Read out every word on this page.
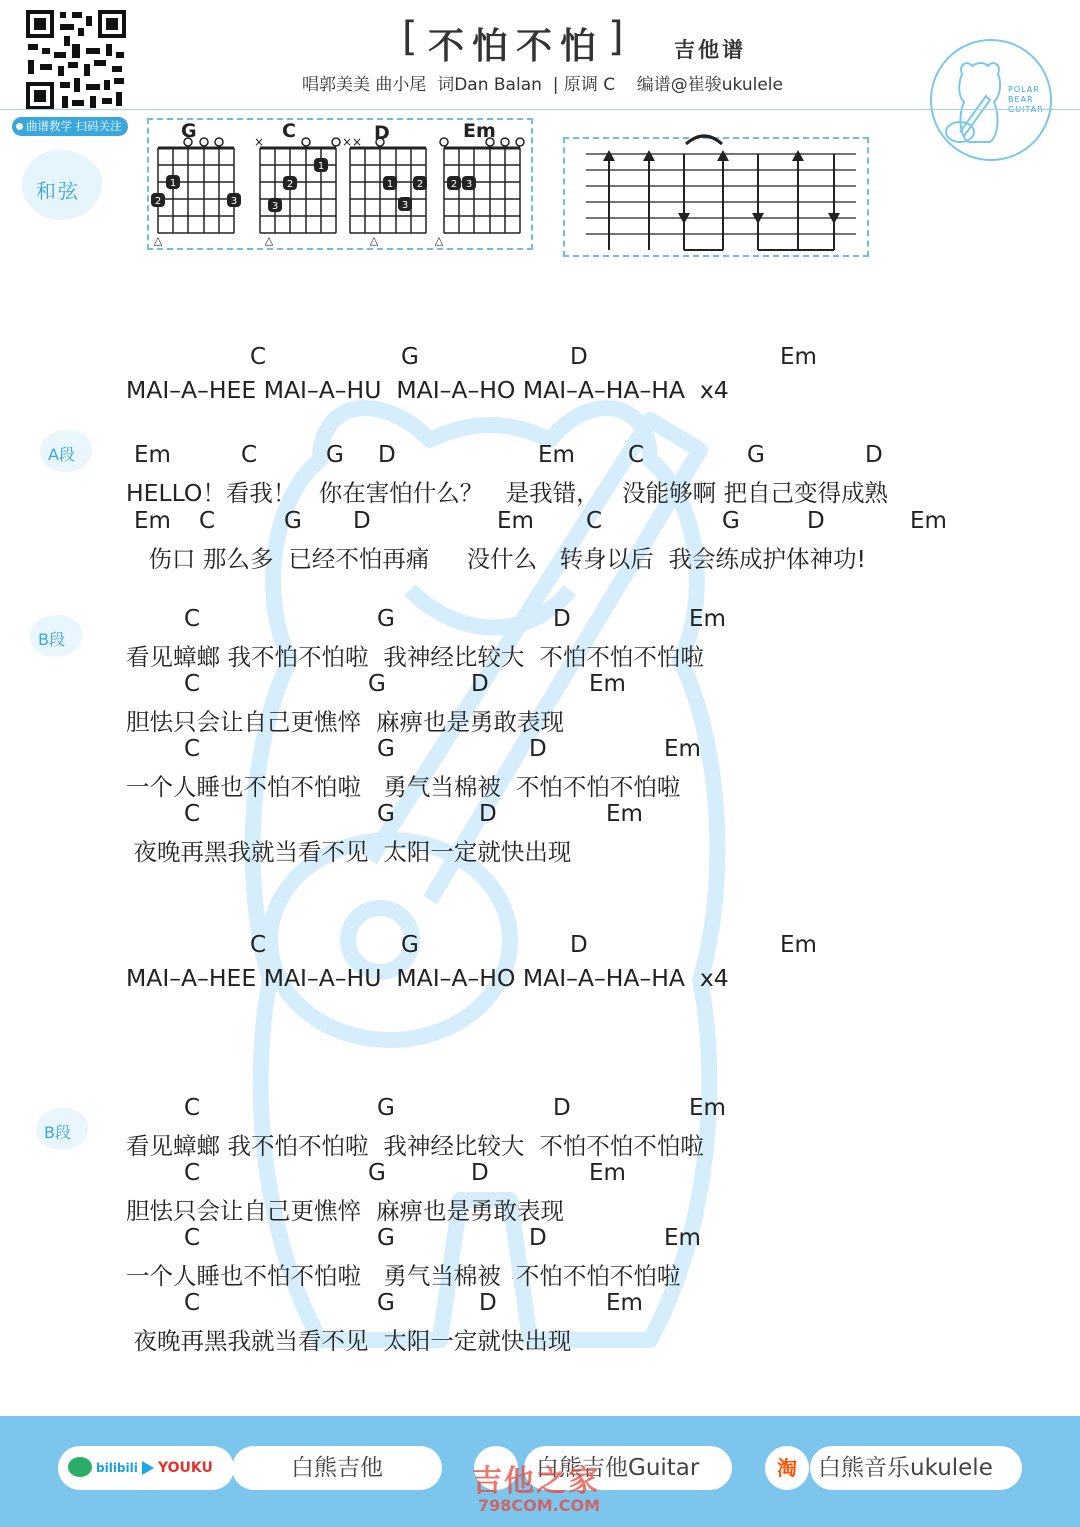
曲谱教学 扫码关注
[ 不怕不怕 ] 吉他谱
唱郭美美 曲小尾  词Dan Balan  | 原调 C    编谱@崔骏ukulele	POLAR
BEAR
和弦
G	C	D	Em
1
2	3
△
×
1
2
3
△
××
1 2
3
△
2 3
△
A段
B段
B段
C	G	D	Em
MAI–A–HEE MAI–A–HU  MAI–A–HO MAI–A–HA–HA  x4
Em	C	G D	Em C	G	D
HELLO！看我！   你在害怕什么？   是我错，   没能够啊 把自己变得成熟
Em C	G D	Em C	G	D	Em
伤口 那么多  已经不怕再痛     没什么   转身以后  我会练成护体神功!
C	G	D	Em
看见蟑螂 我不怕不怕啦  我神经比较大  不怕不怕不怕啦
C	G	D	Em
胆怯只会让自己更憔悴  麻痹也是勇敢表现
C	G	D	Em
一个人睡也不怕不怕啦   勇气当棉被  不怕不怕不怕啦
C	G	D	Em
夜晚再黑我就当看不见  太阳一定就快出现
C	G	D	Em
MAI–A–HEE MAI–A–HU  MAI–A–HO MAI–A–HA–HA  x4
C	G	D	Em
看见蟑螂 我不怕不怕啦  我神经比较大  不怕不怕不怕啦
C	G	D	Em
胆怯只会让自己更憔悴  麻痹也是勇敢表现
C	G	D	Em
一个人睡也不怕不怕啦   勇气当棉被  不怕不怕不怕啦
C	G	D	Em
夜晚再黑我就当看不见  太阳一定就快出现
bilibili YOUKU	白熊吉他	白熊吉他Guitar	淘 白熊音乐ukulele
吉他之家
798COM.COM
